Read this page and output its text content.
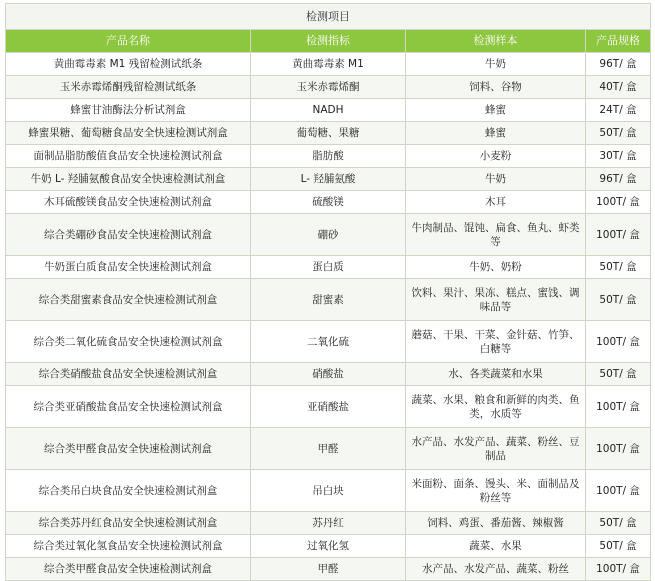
检测项目			
产品名称	检测指标	检测样本	产品规格
黄曲霉毒素 M1 残留检测试纸条	黄曲霉毒素 M1	牛奶	96T/ 盒
玉米赤霉烯酮残留检测试纸条	玉米赤霉烯酮	饲料、谷物	40T/ 盒
蜂蜜甘油酶法分析试剂盒	NADH	蜂蜜	24T/ 盒
蜂蜜果糖、葡萄糖食品安全快速检测试剂盒	葡萄糖、果糖	蜂蜜	50T/ 盒
面制品脂肪酸值食品安全快速检测试剂盒	脂肪酸	小麦粉	30T/ 盒
牛奶 L- 羟脯氨酸食品安全快速检测试剂盒	L- 羟脯氨酸	牛奶	96T/ 盒
木耳硫酸镁食品安全快速检测试剂盒	硫酸镁	木耳	100T/ 盒
综合类硼砂食品安全快速检测试剂盒	硼砂	牛肉制品、馄饨、扁食、鱼丸、虾类等	100T/ 盒
牛奶蛋白质食品安全快速检测试剂盒	蛋白质	牛奶、奶粉	50T/ 盒
综合类甜蜜素食品安全快速检测试剂盒	甜蜜素	饮料、果汁、果冻、糕点、蜜饯、调味品等	50T/ 盒
综合类二氧化硫食品安全快速检测试剂盒	二氧化硫	蘑菇、干果、干菜、金针菇、竹笋、白糖等	100T/ 盒
综合类硝酸盐食品安全快速检测试剂盒	硝酸盐	水、各类蔬菜和水果	50T/ 盒
综合类亚硝酸盐食品安全快速检测试剂盒	亚硝酸盐	蔬菜、水果、粮食和新鲜的肉类、鱼类，水质等	100T/ 盒
综合类甲醛食品安全快速检测试剂盒	甲醛	水产品、水发产品、蔬菜、粉丝、豆制品	100T/ 盒
综合类吊白块食品安全快速检测试剂盒	吊白块	米面粉、面条、馒头、米、面制品及粉丝等	100T/ 盒
综合类苏丹红食品安全快速检测试剂盒	苏丹红	饲料、鸡蛋、番茄酱、辣椒酱	50T/ 盒
综合类过氧化氢食品安全快速检测试剂盒	过氧化氢	蔬菜、水果	50T/ 盒
综合类甲醛食品安全快速检测试剂盒	甲醛	水产品、水发产品、蔬菜、粉丝	100T/ 盒
